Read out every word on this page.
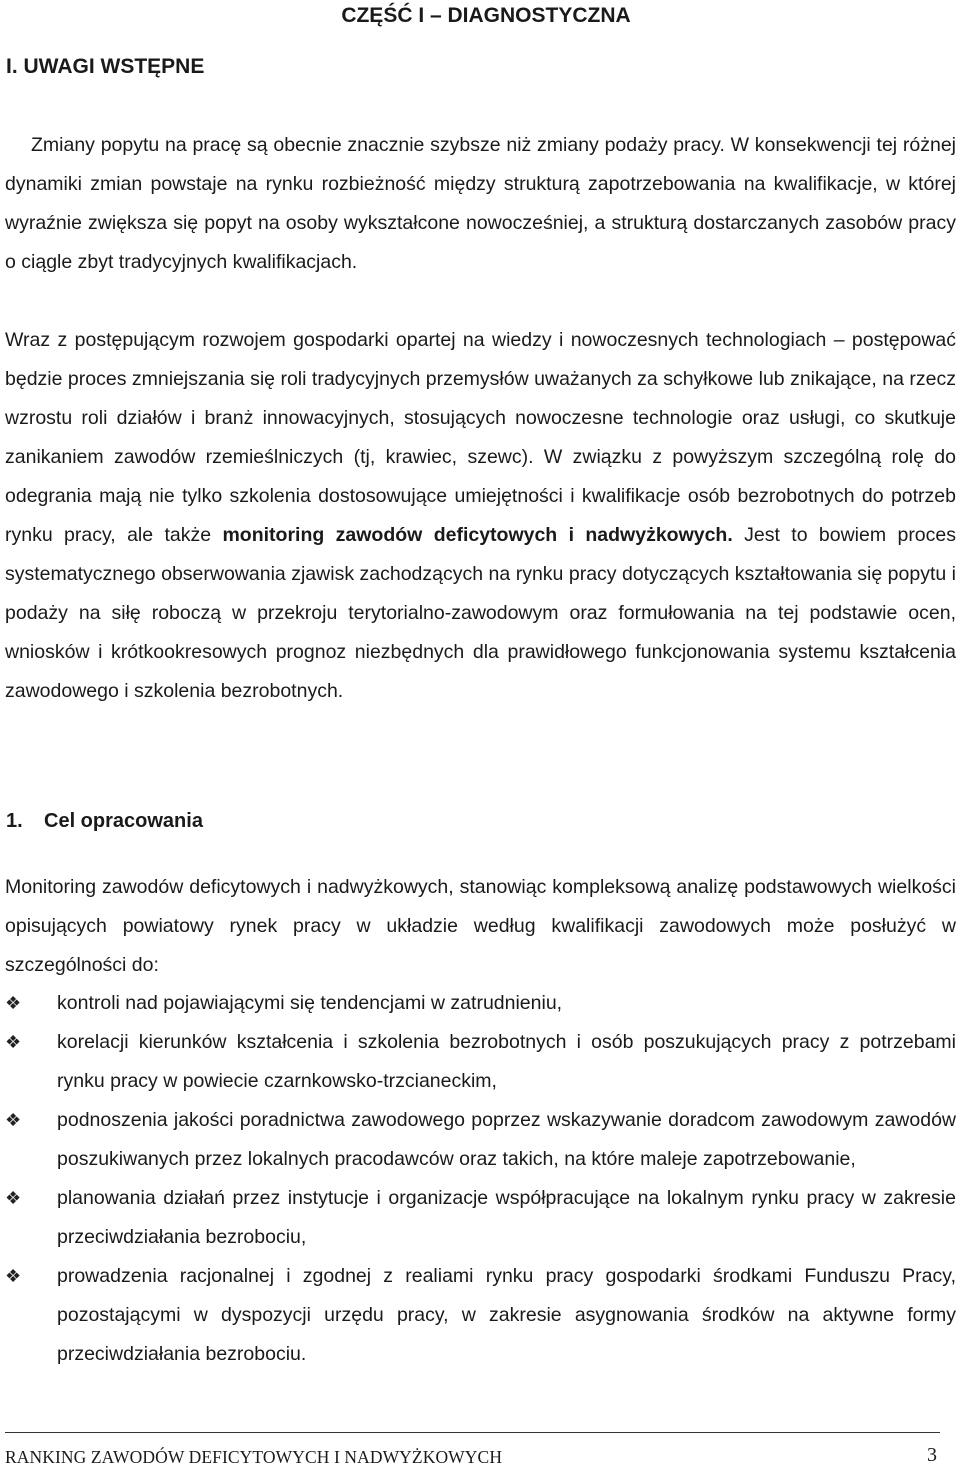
CZĘŚĆ I – DIAGNOSTYCZNA
I. UWAGI WSTĘPNE

Zmiany popytu na pracę są obecnie znacznie szybsze niż zmiany podaży pracy. W konsekwencji tej różnej dynamiki zmian powstaje na rynku rozbieżność między strukturą zapotrzebowania na kwalifikacje, w której wyraźnie zwiększa się popyt na osoby wykształcone nowocześniej, a strukturą dostarczanych zasobów pracy o ciągle zbyt tradycyjnych kwalifikacjach.

Wraz z postępującym rozwojem gospodarki opartej na wiedzy i nowoczesnych technologiach – postępować będzie proces zmniejszania się roli tradycyjnych przemysłów uważanych za schyłkowe lub znikające, na rzecz wzrostu roli działów i branż innowacyjnych, stosujących nowoczesne technologie oraz usługi, co skutkuje zanikaniem zawodów rzemieślniczych (tj, krawiec, szewc). W związku z powyższym szczególną rolę do odegrania mają nie tylko szkolenia dostosowujące umiejętności i kwalifikacje osób bezrobotnych do potrzeb rynku pracy, ale także monitoring zawodów deficytowych i nadwyżkowych. Jest to bowiem proces systematycznego obserwowania zjawisk zachodzących na rynku pracy dotyczących kształtowania się popytu i podaży na siłę roboczą w przekroju terytorialno-zawodowym oraz formułowania na tej podstawie ocen, wniosków i krótkookresowych prognoz niezbędnych dla prawidłowego funkcjonowania systemu kształcenia zawodowego i szkolenia bezrobotnych.

1. Cel opracowania

Monitoring zawodów deficytowych i nadwyżkowych, stanowiąc kompleksową analizę podstawowych wielkości opisujących powiatowy rynek pracy w układzie według kwalifikacji zawodowych może posłużyć w szczególności do:

❖ kontroli nad pojawiającymi się tendencjami w zatrudnieniu,
❖ korelacji kierunków kształcenia i szkolenia bezrobotnych i osób poszukujących pracy z potrzebami rynku pracy w powiecie czarnkowsko-trzcianeckim,
❖ podnoszenia jakości poradnictwa zawodowego poprzez wskazywanie doradcom zawodowym zawodów poszukiwanych przez lokalnych pracodawców oraz takich, na które maleje zapotrzebowanie,
❖ planowania działań przez instytucje i organizacje współpracujące na lokalnym rynku pracy w zakresie przeciwdziałania bezrobociu,
❖ prowadzenia racjonalnej i zgodnej z realiami rynku pracy gospodarki środkami Funduszu Pracy, pozostającymi w dyspozycji urzędu pracy, w zakresie asygnowania środków na aktywne formy przeciwdziałania bezrobociu.
RANKING ZAWODÓW DEFICYTOWYCH I NADWYŻKOWYCH	3
